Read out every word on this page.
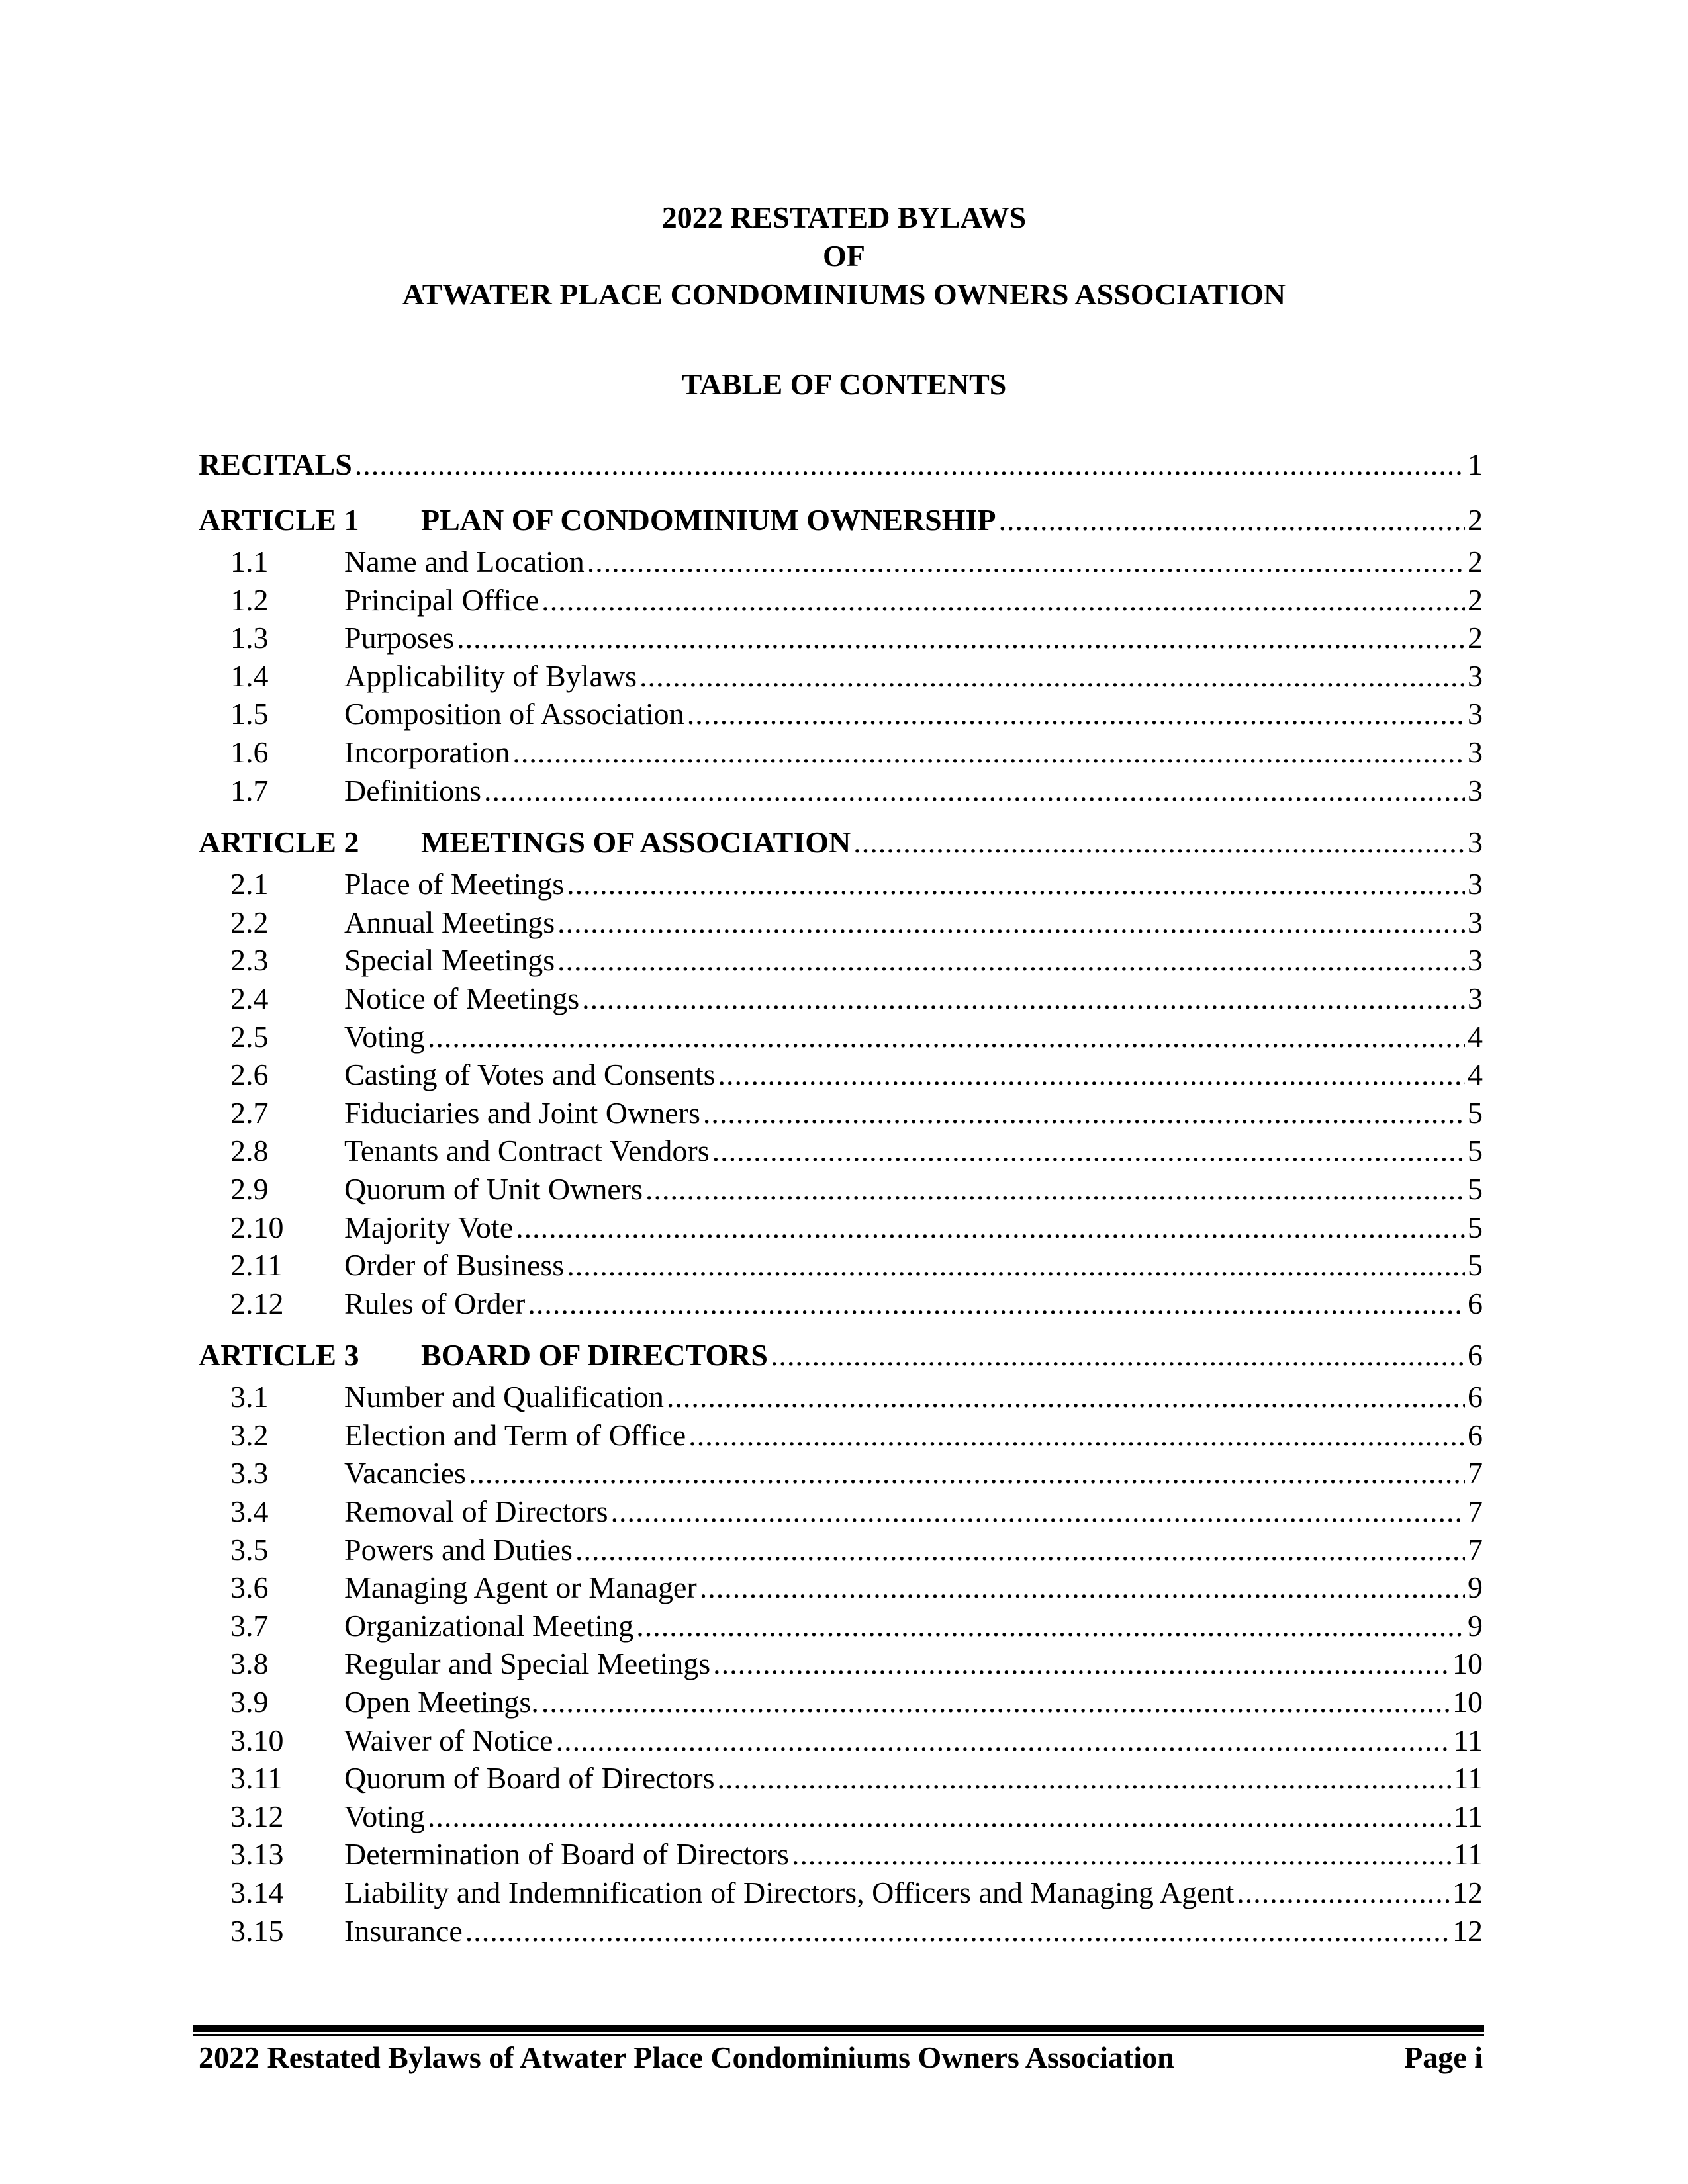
2022 RESTATED BYLAWS
OF
ATWATER PLACE CONDOMINIUMS OWNERS ASSOCIATION
TABLE OF CONTENTS
RECITALS .....	1
ARTICLE 1 PLAN OF CONDOMINIUM OWNERSHIP .....	2
1.1 Name and Location .....	2
1.2 Principal Office .....	2
1.3 Purposes .....	2
1.4 Applicability of Bylaws .....	3
1.5 Composition of Association .....	3
1.6 Incorporation .....	3
1.7 Definitions .....	3
ARTICLE 2 MEETINGS OF ASSOCIATION .....	3
2.1 Place of Meetings .....	3
2.2 Annual Meetings .....	3
2.3 Special Meetings .....	3
2.4 Notice of Meetings .....	3
2.5 Voting .....	4
2.6 Casting of Votes and Consents .....	4
2.7 Fiduciaries and Joint Owners .....	5
2.8 Tenants and Contract Vendors .....	5
2.9 Quorum of Unit Owners .....	5
2.10 Majority Vote .....	5
2.11 Order of Business .....	5
2.12 Rules of Order .....	6
ARTICLE 3 BOARD OF DIRECTORS .....	6
3.1 Number and Qualification .....	6
3.2 Election and Term of Office .....	6
3.3 Vacancies .....	7
3.4 Removal of Directors .....	7
3.5 Powers and Duties .....	7
3.6 Managing Agent or Manager .....	9
3.7 Organizational Meeting .....	9
3.8 Regular and Special Meetings .....	10
3.9 Open Meetings. .....	10
3.10 Waiver of Notice .....	11
3.11 Quorum of Board of Directors .....	11
3.12 Voting .....	11
3.13 Determination of Board of Directors .....	11
3.14 Liability and Indemnification of Directors, Officers and Managing Agent .....	12
3.15 Insurance .....	12
2022 Restated Bylaws of Atwater Place Condominiums Owners Association	Page i
